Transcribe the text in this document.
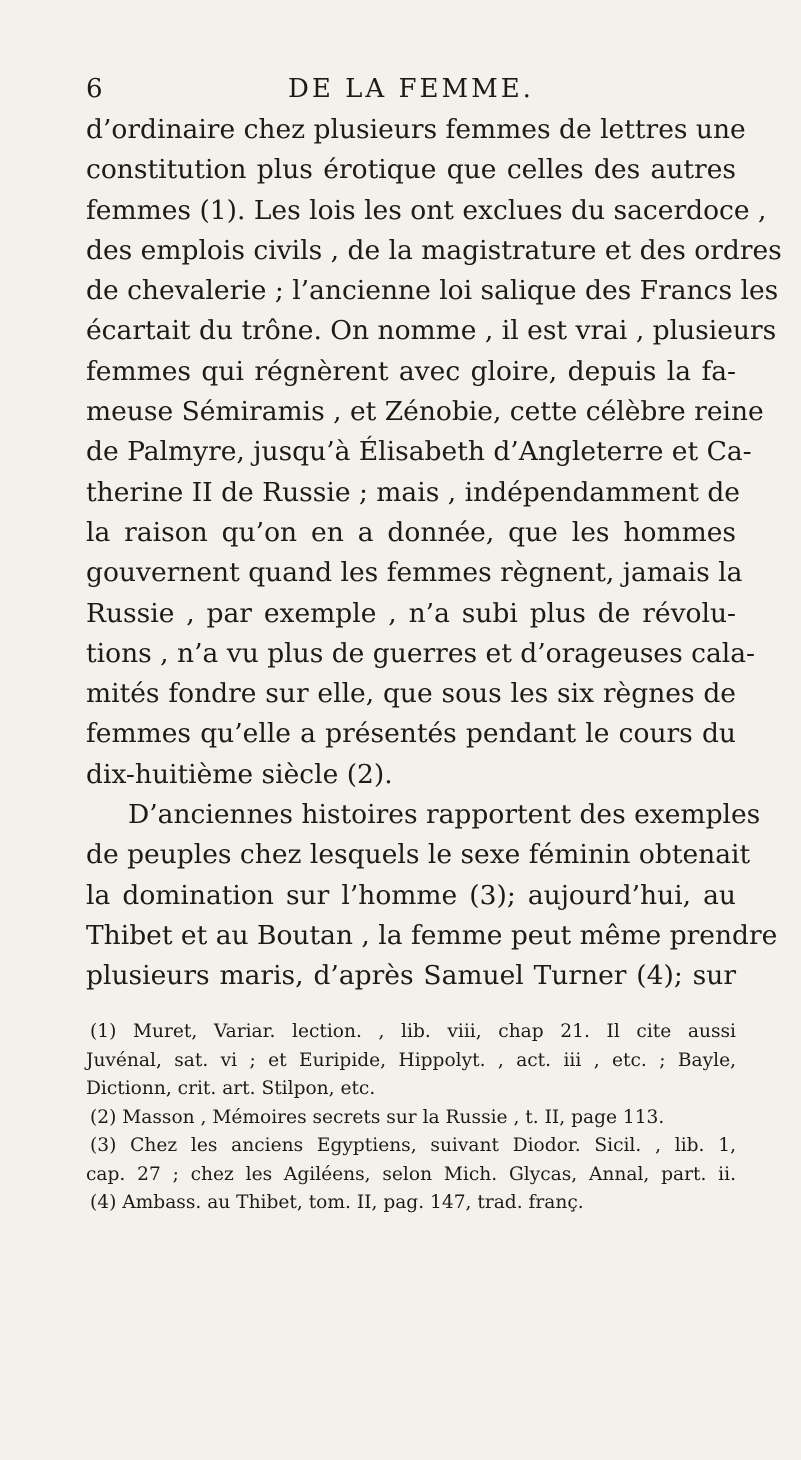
6	DE LA FEMME.
d’ordinaire chez plusieurs femmes de lettres une
constitution plus érotique que celles des autres
femmes (1). Les lois les ont exclues du sacerdoce ,
des emplois civils , de la magistrature et des ordres
de chevalerie ; l’ancienne loi salique des Francs les
écartait du trône. On nomme , il est vrai , plusieurs
femmes qui régnèrent avec gloire, depuis la fa-
meuse Sémiramis , et Zénobie, cette célèbre reine
de Palmyre, jusqu’à Élisabeth d’Angleterre et Ca-
therine II de Russie ; mais , indépendamment de
la raison qu’on en a donnée, que les hommes
gouvernent quand les femmes règnent, jamais la
Russie , par exemple , n’a subi plus de révolu-
tions , n’a vu plus de guerres et d’orageuses cala-
mités fondre sur elle, que sous les six règnes de
femmes qu’elle a présentés pendant le cours du
dix-huitième siècle (2).
D’anciennes histoires rapportent des exemples
de peuples chez lesquels le sexe féminin obtenait
la domination sur l’homme (3); aujourd’hui, au
Thibet et au Boutan , la femme peut même prendre
plusieurs maris, d’après Samuel Turner (4); sur
(1) Muret, Variar. lection. , lib. viii, chap 21. Il cite aussi
Juvénal, sat. vi ; et Euripide, Hippolyt. , act. iii , etc. ; Bayle,
Dictionn, crit. art. Stilpon, etc.
(2) Masson , Mémoires secrets sur la Russie , t. II, page 113.
(3) Chez les anciens Egyptiens, suivant Diodor. Sicil. , lib. 1,
cap. 27 ; chez les Agiléens, selon Mich. Glycas, Annal, part. ii.
(4) Ambass. au Thibet, tom. II, pag. 147, trad. franç.
